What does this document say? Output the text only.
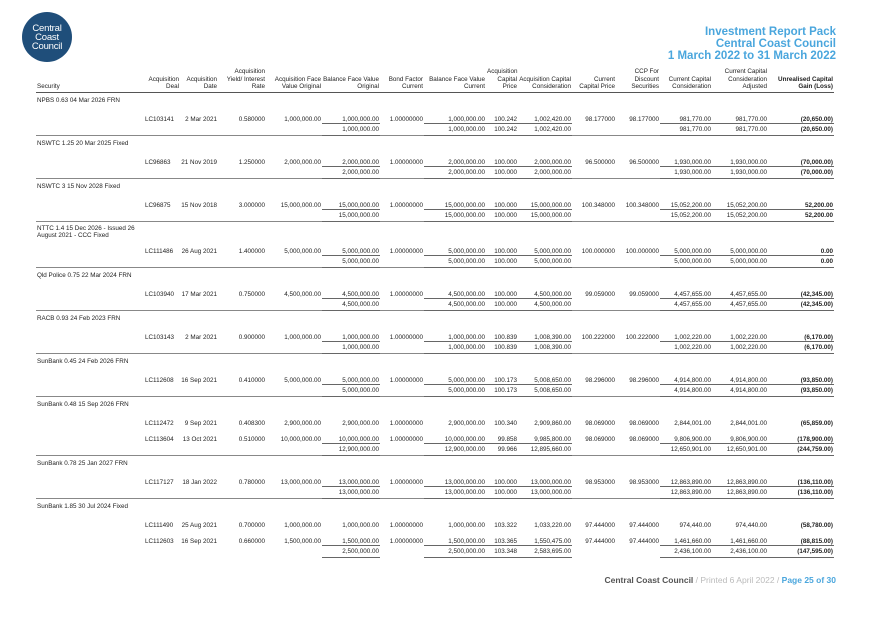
Central
Coast
Council
Investment Report Pack
Central Coast Council
1 March 2022 to 31 March 2022
Security	Acquisition Deal	Acquisition Date	Acquisition Yield/ Interest Rate	Acquisition Face Value Original	Balance Face Value Original	Bond Factor Current	Balance Face Value Current	Acquisition Capital Price	Acquisition Capital Consideration	Current Capital Price	CCP For Discount Securities	Current Capital Consideration	Current Capital Consideration Adjusted	Unrealised Capital Gain (Loss)
NPBS 0.63 04 Mar 2026 FRN														
	LC103141	2 Mar 2021	0.580000	1,000,000.00	1,000,000.00	1.00000000	1,000,000.00	100.242	1,002,420.00	98.177000	98.177000	981,770.00	981,770.00	(20,650.00)
					1,000,000.00		1,000,000.00	100.242	1,002,420.00			981,770.00	981,770.00	(20,650.00)
NSWTC 1.25 20 Mar 2025 Fixed														
	LC96863	21 Nov 2019	1.250000	2,000,000.00	2,000,000.00	1.00000000	2,000,000.00	100.000	2,000,000.00	96.500000	96.500000	1,930,000.00	1,930,000.00	(70,000.00)
					2,000,000.00		2,000,000.00	100.000	2,000,000.00			1,930,000.00	1,930,000.00	(70,000.00)
NSWTC 3 15 Nov 2028 Fixed														
	LC96875	15 Nov 2018	3.000000	15,000,000.00	15,000,000.00	1.00000000	15,000,000.00	100.000	15,000,000.00	100.348000	100.348000	15,052,200.00	15,052,200.00	52,200.00
					15,000,000.00		15,000,000.00	100.000	15,000,000.00			15,052,200.00	15,052,200.00	52,200.00
NTTC 1.4 15 Dec 2026 - Issued 26 August 2021 - CCC Fixed														
	LC111486	26 Aug 2021	1.400000	5,000,000.00	5,000,000.00	1.00000000	5,000,000.00	100.000	5,000,000.00	100.000000	100.000000	5,000,000.00	5,000,000.00	0.00
					5,000,000.00		5,000,000.00	100.000	5,000,000.00			5,000,000.00	5,000,000.00	0.00
Qld Police 0.75 22 Mar 2024 FRN														
	LC103940	17 Mar 2021	0.750000	4,500,000.00	4,500,000.00	1.00000000	4,500,000.00	100.000	4,500,000.00	99.059000	99.059000	4,457,655.00	4,457,655.00	(42,345.00)
					4,500,000.00		4,500,000.00	100.000	4,500,000.00			4,457,655.00	4,457,655.00	(42,345.00)
RACB 0.93 24 Feb 2023 FRN														
	LC103143	2 Mar 2021	0.900000	1,000,000.00	1,000,000.00	1.00000000	1,000,000.00	100.839	1,008,390.00	100.222000	100.222000	1,002,220.00	1,002,220.00	(6,170.00)
					1,000,000.00		1,000,000.00	100.839	1,008,390.00			1,002,220.00	1,002,220.00	(6,170.00)
SunBank 0.45 24 Feb 2026 FRN														
	LC112608	16 Sep 2021	0.410000	5,000,000.00	5,000,000.00	1.00000000	5,000,000.00	100.173	5,008,650.00	98.296000	98.296000	4,914,800.00	4,914,800.00	(93,850.00)
					5,000,000.00		5,000,000.00	100.173	5,008,650.00			4,914,800.00	4,914,800.00	(93,850.00)
SunBank 0.48 15 Sep 2026 FRN														
	LC112472	9 Sep 2021	0.408300	2,900,000.00	2,900,000.00	1.00000000	2,900,000.00	100.340	2,909,860.00	98.069000	98.069000	2,844,001.00	2,844,001.00	(65,859.00)
	LC113604	13 Oct 2021	0.510000	10,000,000.00	10,000,000.00	1.00000000	10,000,000.00	99.858	9,985,800.00	98.069000	98.069000	9,806,900.00	9,806,900.00	(178,900.00)
					12,900,000.00		12,900,000.00	99.966	12,895,660.00			12,650,901.00	12,650,901.00	(244,759.00)
SunBank 0.78 25 Jan 2027 FRN														
	LC117127	18 Jan 2022	0.780000	13,000,000.00	13,000,000.00	1.00000000	13,000,000.00	100.000	13,000,000.00	98.953000	98.953000	12,863,890.00	12,863,890.00	(136,110.00)
					13,000,000.00		13,000,000.00	100.000	13,000,000.00			12,863,890.00	12,863,890.00	(136,110.00)
SunBank 1.85 30 Jul 2024 Fixed														
	LC111490	25 Aug 2021	0.700000	1,000,000.00	1,000,000.00	1.00000000	1,000,000.00	103.322	1,033,220.00	97.444000	97.444000	974,440.00	974,440.00	(58,780.00)
	LC112603	16 Sep 2021	0.660000	1,500,000.00	1,500,000.00	1.00000000	1,500,000.00	103.365	1,550,475.00	97.444000	97.444000	1,461,660.00	1,461,660.00	(88,815.00)
					2,500,000.00		2,500,000.00	103.348	2,583,695.00			2,436,100.00	2,436,100.00	(147,595.00)
Central Coast Council / Printed 6 April 2022 / Page 25 of 30
